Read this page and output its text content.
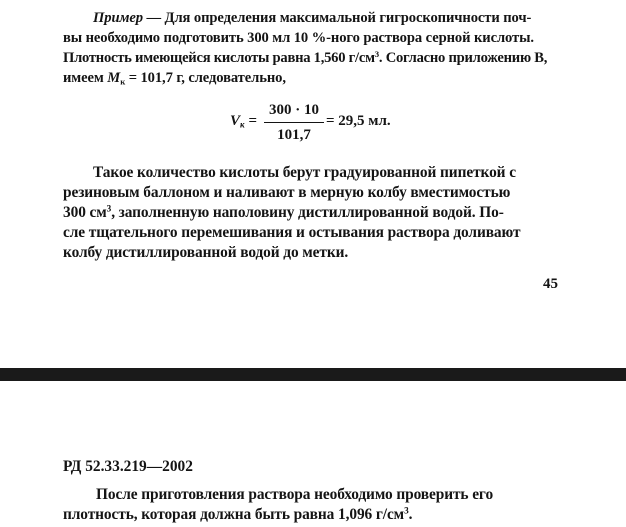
Пример — Для определения максимальной гигроскопичности поч-

вы необходимо подготовить 300 мл 10 %-ного раствора серной кислоты.

Плотность имеющейся кислоты равна 1,560 $г/см^3$. Согласно приложению В,

имеем $M_к = 101,7$ г, следовательно,

$V_к$ =
300 · 10
101,7
= 29,5 мл.

Такое количество кислоты берут градуированной пипеткой с

резиновым баллоном и наливают в мерную колбу вместимостью

300 $см^3$, заполненную наполовину дистиллированной водой. По-

сле тщательного перемешивания и остывания раствора доливают

колбу дистиллированной водой до метки.

45

РД 52.33.219—2002

После приготовления раствора необходимо проверить его

плотность, которая должна быть равна 1,096 $г/см^3$.
